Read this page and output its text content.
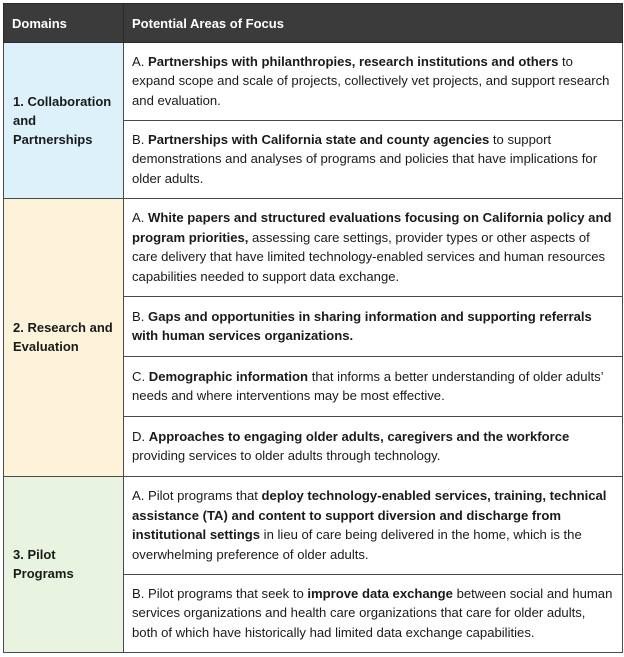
Domains	Potential Areas of Focus
1. Collaboration and Partnerships	A. Partnerships with philanthropies, research institutions and others to expand scope and scale of projects, collectively vet projects, and support research and evaluation.
	B. Partnerships with California state and county agencies to support demonstrations and analyses of programs and policies that have implications for older adults.
2. Research and Evaluation	A. White papers and structured evaluations focusing on California policy and program priorities, assessing care settings, provider types or other aspects of care delivery that have limited technology-enabled services and human resources capabilities needed to support data exchange.
	B. Gaps and opportunities in sharing information and supporting referrals with human services organizations.
	C. Demographic information that informs a better understanding of older adults’ needs and where interventions may be most effective.
	D. Approaches to engaging older adults, caregivers and the workforce providing services to older adults through technology.
3. Pilot Programs	A. Pilot programs that deploy technology-enabled services, training, technical assistance (TA) and content to support diversion and discharge from institutional settings in lieu of care being delivered in the home, which is the overwhelming preference of older adults.
	B. Pilot programs that seek to improve data exchange between social and human services organizations and health care organizations that care for older adults, both of which have historically had limited data exchange capabilities.
